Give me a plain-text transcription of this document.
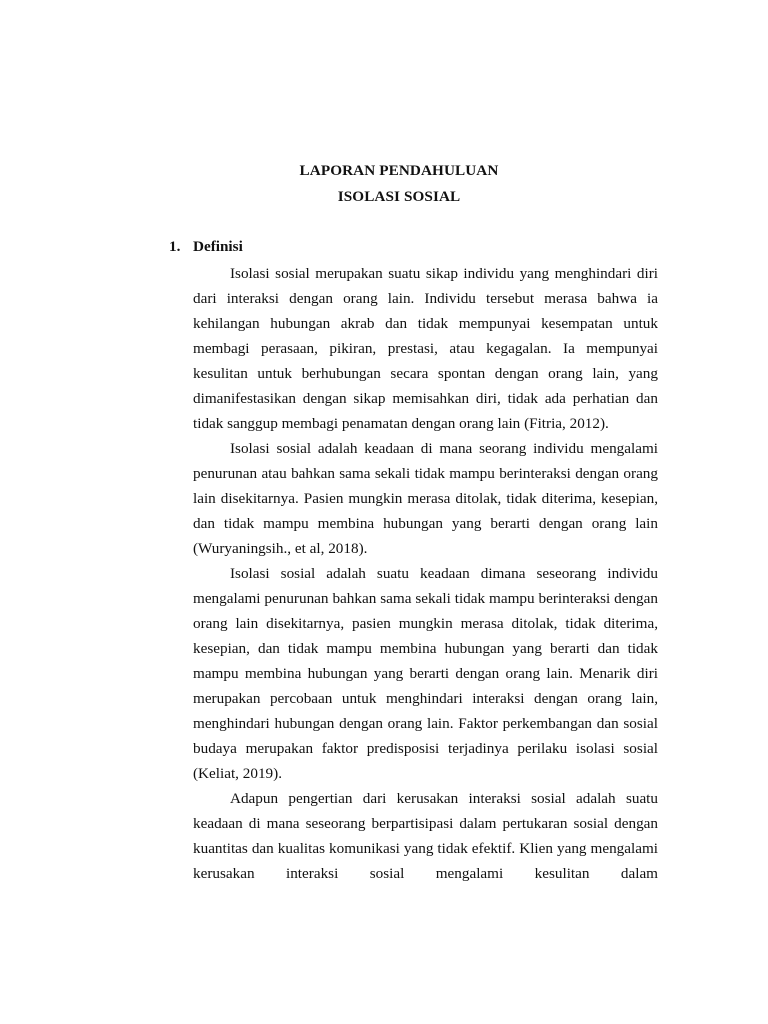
LAPORAN PENDAHULUAN
ISOLASI SOSIAL
1. Definisi

Isolasi sosial merupakan suatu sikap individu yang menghindari diri dari interaksi dengan orang lain. Individu tersebut merasa bahwa ia kehilangan hubungan akrab dan tidak mempunyai kesempatan untuk membagi perasaan, pikiran, prestasi, atau kegagalan. Ia mempunyai kesulitan untuk berhubungan secara spontan dengan orang lain, yang dimanifestasikan dengan sikap memisahkan diri, tidak ada perhatian dan tidak sanggup membagi penamatan dengan orang lain (Fitria, 2012).

Isolasi sosial adalah keadaan di mana seorang individu mengalami penurunan atau bahkan sama sekali tidak mampu berinteraksi dengan orang lain disekitarnya. Pasien mungkin merasa ditolak, tidak diterima, kesepian, dan tidak mampu membina hubungan yang berarti dengan orang lain (Wuryaningsih., et al, 2018).

Isolasi sosial adalah suatu keadaan dimana seseorang individu mengalami penurunan bahkan sama sekali tidak mampu berinteraksi dengan orang lain disekitarnya, pasien mungkin merasa ditolak, tidak diterima, kesepian, dan tidak mampu membina hubungan yang berarti dan tidak mampu membina hubungan yang berarti dengan orang lain. Menarik diri merupakan percobaan untuk menghindari interaksi dengan orang lain, menghindari hubungan dengan orang lain. Faktor perkembangan dan sosial budaya merupakan faktor predisposisi terjadinya perilaku isolasi sosial (Keliat, 2019).

Adapun pengertian dari kerusakan interaksi sosial adalah suatu keadaan di mana seseorang berpartisipasi dalam pertukaran sosial dengan kuantitas dan kualitas komunikasi yang tidak efektif. Klien yang mengalami kerusakan interaksi sosial mengalami kesulitan dalam
